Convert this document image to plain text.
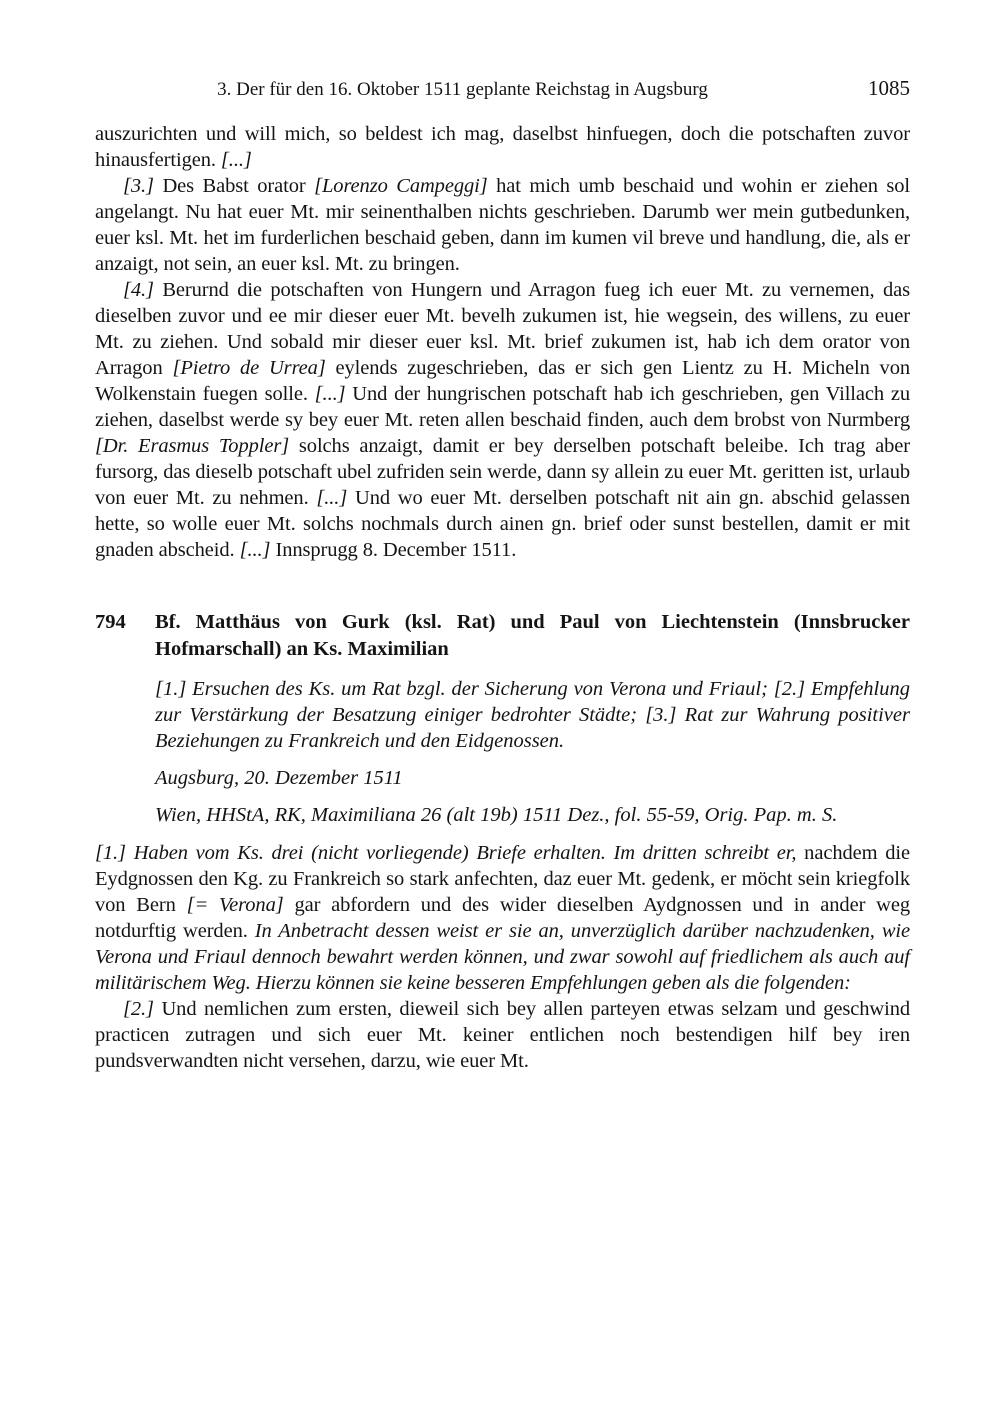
3. Der für den 16. Oktober 1511 geplante Reichstag in Augsburg	1085

auszurichten und will mich, so beldest ich mag, daselbst hinfuegen, doch die potschaften zuvor hinausfertigen. [...]

[3.] Des Babst orator [Lorenzo Campeggi] hat mich umb beschaid und wohin er ziehen sol angelangt. Nu hat euer Mt. mir seinenthalben nichts geschrieben. Darumb wer mein gutbedunken, euer ksl. Mt. het im furderlichen beschaid geben, dann im kumen vil breve und handlung, die, als er anzaigt, not sein, an euer ksl. Mt. zu bringen.

[4.] Berurnd die potschaften von Hungern und Arragon fueg ich euer Mt. zu vernemen, das dieselben zuvor und ee mir dieser euer Mt. bevelh zukumen ist, hie wegsein, des willens, zu euer Mt. zu ziehen. Und sobald mir dieser euer ksl. Mt. brief zukumen ist, hab ich dem orator von Arragon [Pietro de Urrea] eylends zugeschrieben, das er sich gen Lientz zu H. Micheln von Wolkenstain fuegen solle. [...] Und der hungrischen potschaft hab ich geschrieben, gen Villach zu ziehen, daselbst werde sy bey euer Mt. reten allen beschaid finden, auch dem brobst von Nurmberg [Dr. Erasmus Toppler] solchs anzaigt, damit er bey derselben potschaft beleibe. Ich trag aber fursorg, das dieselb potschaft ubel zufriden sein werde, dann sy allein zu euer Mt. geritten ist, urlaub von euer Mt. zu nehmen. [...] Und wo euer Mt. derselben potschaft nit ain gn. abschid gelassen hette, so wolle euer Mt. solchs nochmals durch ainen gn. brief oder sunst bestellen, damit er mit gnaden abscheid. [...] Innsprugg 8. December 1511.

794	Bf. Matthäus von Gurk (ksl. Rat) und Paul von Liechtenstein (Innsbrucker Hofmarschall) an Ks. Maximilian
[1.] Ersuchen des Ks. um Rat bzgl. der Sicherung von Verona und Friaul; [2.] Empfehlung zur Verstärkung der Besatzung einiger bedrohter Städte; [3.] Rat zur Wahrung positiver Beziehungen zu Frankreich und den Eidgenossen.
Augsburg, 20. Dezember 1511
Wien, HHStA, RK, Maximiliana 26 (alt 19b) 1511 Dez., fol. 55-59, Orig. Pap. m. S.

[1.] Haben vom Ks. drei (nicht vorliegende) Briefe erhalten. Im dritten schreibt er, nachdem die Eydgnossen den Kg. zu Frankreich so stark anfechten, daz euer Mt. gedenk, er möcht sein kriegfolk von Bern [= Verona] gar abfordern und des wider dieselben Aydgnossen und in ander weg notdurftig werden. In Anbetracht dessen weist er sie an, unverzüglich darüber nachzudenken, wie Verona und Friaul dennoch bewahrt werden können, und zwar sowohl auf friedlichem als auch auf militärischem Weg. Hierzu können sie keine besseren Empfehlungen geben als die folgenden:

[2.] Und nemlichen zum ersten, dieweil sich bey allen parteyen etwas selzam und geschwind practicen zutragen und sich euer Mt. keiner entlichen noch bestendigen hilf bey iren pundsverwandten nicht versehen, darzu, wie euer Mt.
